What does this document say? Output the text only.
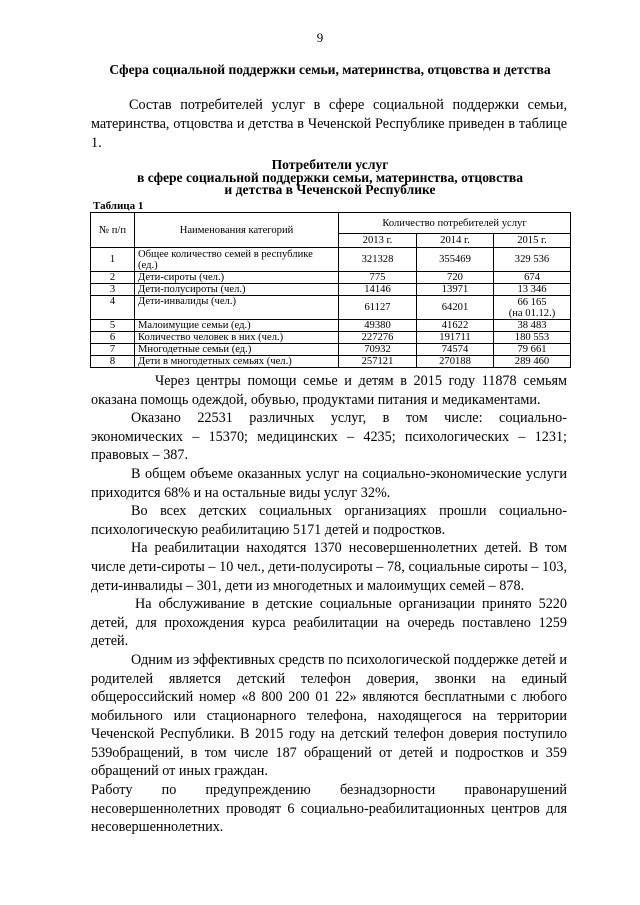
9
Сфера социальной поддержки семьи, материнства, отцовства и детства

Состав потребителей услуг в сфере социальной поддержки семьи, материнства, отцовства и детства в Чеченской Республике приведен в таблице 1.

Потребители услуг
в сфере социальной поддержки семьи, материнства, отцовства
и детства в Чеченской Республике
Таблица 1
№ п/п	Наименования категорий	Количество потребителей услуг		
		2013 г.	2014 г.	2015 г.
1	Общее количество семей в республике (ед.)	321328	355469	329 536
2	Дети-сироты (чел.)	775	720	674
3	Дети-полусироты (чел.)	14146	13971	13 346
4	Дети-инвалиды (чел.)	61127	64201	66 165
(на 01.12.)

5	Малоимущие семьи (ед.)	49380	41622	38 483
6	Количество человек в них (чел.)	227276	191711	180 553
7	Многодетные семьи (ед.)	70932	74574	79 661
8	Дети в многодетных семьях (чел.)	257121	270188	289 460

Через центры помощи семье и детям в 2015 году 11878 семьям оказана помощь одеждой, обувью, продуктами питания и медикаментами.

Оказано 22531 различных услуг, в том числе: социально-экономических – 15370; медицинских – 4235; психологических – 1231; правовых – 387.

В общем объеме оказанных услуг на социально-экономические услуги приходится 68% и на остальные виды услуг 32%.

Во всех детских социальных организациях прошли социально-психологическую реабилитацию 5171 детей и подростков.

На реабилитации находятся 1370 несовершеннолетних детей. В том числе дети-сироты – 10 чел., дети-полусироты – 78, социальные сироты – 103, дети-инвалиды – 301, дети из многодетных и малоимущих семей – 878.

На обслуживание в детские социальные организации принято 5220 детей, для прохождения курса реабилитации на очередь поставлено 1259 детей.

Одним из эффективных средств по психологической поддержке детей и родителей является детский телефон доверия, звонки на единый общероссийский номер «8 800 200 01 22» являются бесплатными с любого мобильного или стационарного телефона, находящегося на территории Чеченской Республики. В 2015 году на детский телефон доверия поступило 539обращений, в том числе 187 обращений от детей и подростков и 359 обращений от иных граждан.

Работу по предупреждению безнадзорности правонарушений несовершеннолетних проводят 6 социально-реабилитационных центров для несовершеннолетних.
